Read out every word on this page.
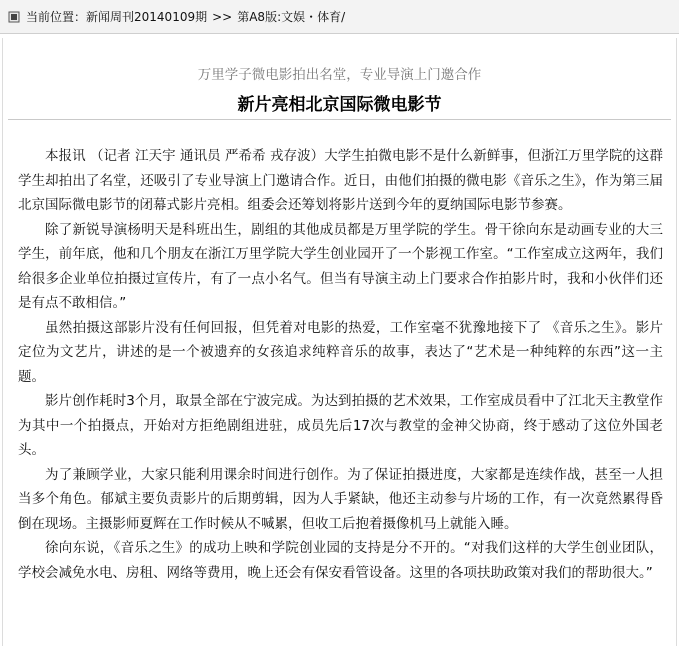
当前位置： 新闻周刊20140109期 >> 第A8版:文娱・体育/
万里学子微电影拍出名堂，专业导演上门邀合作
新片亮相北京国际微电影节

本报讯 （记者 江天宇 通讯员 严希希 戎存波）大学生拍微电影不是什么新鲜事，但浙江万里学院的这群学生却拍出了名堂，还吸引了专业导演上门邀请合作。近日，由他们拍摄的微电影《音乐之生》，作为第三届北京国际微电影节的闭幕式影片亮相。组委会还筹划将影片送到今年的夏纳国际电影节参赛。

除了新锐导演杨明天是科班出生，剧组的其他成员都是万里学院的学生。骨干徐向东是动画专业的大三学生，前年底，他和几个朋友在浙江万里学院大学生创业园开了一个影视工作室。“工作室成立这两年，我们给很多企业单位拍摄过宣传片，有了一点小名气。但当有导演主动上门要求合作拍影片时，我和小伙伴们还是有点不敢相信。”

虽然拍摄这部影片没有任何回报，但凭着对电影的热爱，工作室毫不犹豫地接下了 《音乐之生》。影片定位为文艺片，讲述的是一个被遗弃的女孩追求纯粹音乐的故事，表达了“艺术是一种纯粹的东西”这一主题。

影片创作耗时3个月，取景全部在宁波完成。为达到拍摄的艺术效果，工作室成员看中了江北天主教堂作为其中一个拍摄点，开始对方拒绝剧组进驻，成员先后17次与教堂的金神父协商，终于感动了这位外国老头。

为了兼顾学业，大家只能利用课余时间进行创作。为了保证拍摄进度，大家都是连续作战，甚至一人担当多个角色。郁斌主要负责影片的后期剪辑，因为人手紧缺，他还主动参与片场的工作，有一次竟然累得昏倒在现场。主摄影师夏辉在工作时候从不喊累，但收工后抱着摄像机马上就能入睡。

徐向东说，《音乐之生》的成功上映和学院创业园的支持是分不开的。“对我们这样的大学生创业团队，学校会减免水电、房租、网络等费用，晚上还会有保安看管设备。这里的各项扶助政策对我们的帮助很大。”
